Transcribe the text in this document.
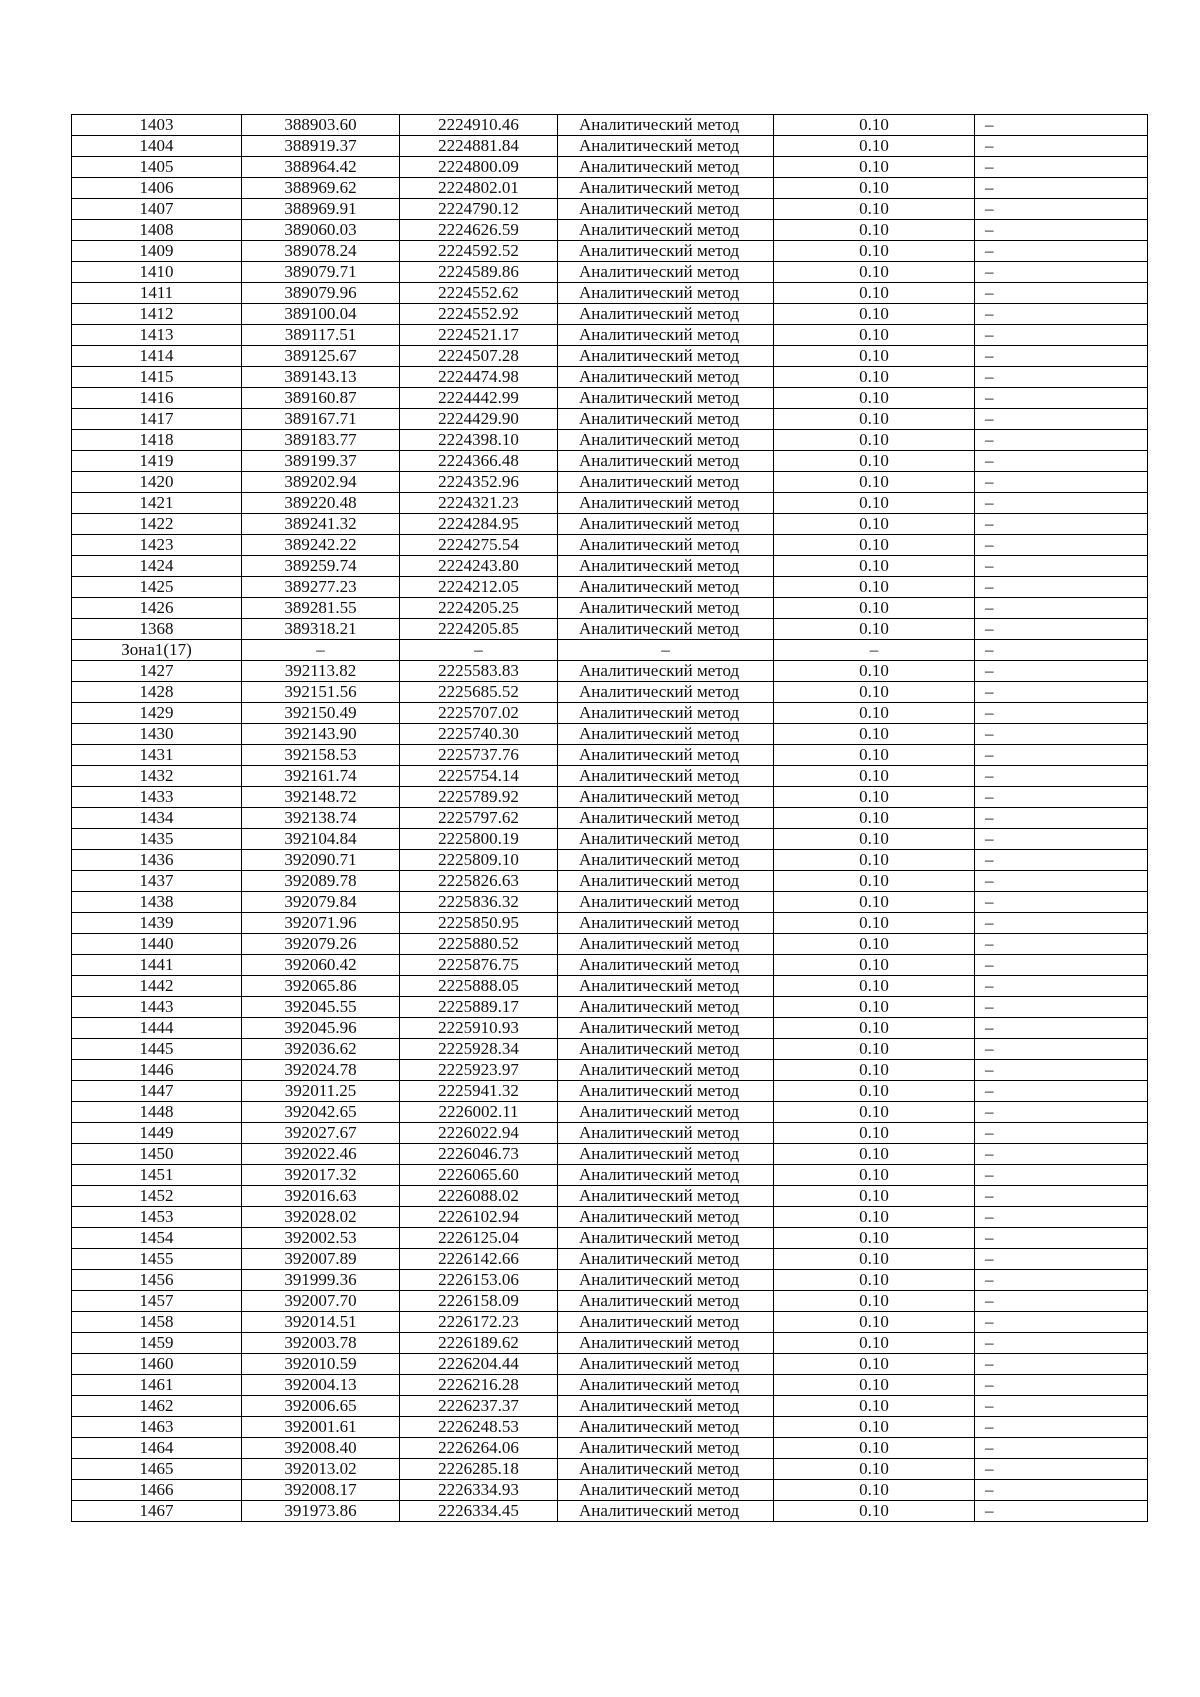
1403	388903.60	2224910.46	Аналитический метод	0.10	–
1404	388919.37	2224881.84	Аналитический метод	0.10	–
1405	388964.42	2224800.09	Аналитический метод	0.10	–
1406	388969.62	2224802.01	Аналитический метод	0.10	–
1407	388969.91	2224790.12	Аналитический метод	0.10	–
1408	389060.03	2224626.59	Аналитический метод	0.10	–
1409	389078.24	2224592.52	Аналитический метод	0.10	–
1410	389079.71	2224589.86	Аналитический метод	0.10	–
1411	389079.96	2224552.62	Аналитический метод	0.10	–
1412	389100.04	2224552.92	Аналитический метод	0.10	–
1413	389117.51	2224521.17	Аналитический метод	0.10	–
1414	389125.67	2224507.28	Аналитический метод	0.10	–
1415	389143.13	2224474.98	Аналитический метод	0.10	–
1416	389160.87	2224442.99	Аналитический метод	0.10	–
1417	389167.71	2224429.90	Аналитический метод	0.10	–
1418	389183.77	2224398.10	Аналитический метод	0.10	–
1419	389199.37	2224366.48	Аналитический метод	0.10	–
1420	389202.94	2224352.96	Аналитический метод	0.10	–
1421	389220.48	2224321.23	Аналитический метод	0.10	–
1422	389241.32	2224284.95	Аналитический метод	0.10	–
1423	389242.22	2224275.54	Аналитический метод	0.10	–
1424	389259.74	2224243.80	Аналитический метод	0.10	–
1425	389277.23	2224212.05	Аналитический метод	0.10	–
1426	389281.55	2224205.25	Аналитический метод	0.10	–
1368	389318.21	2224205.85	Аналитический метод	0.10	–
Зона1(17)	–	–	–	–	–
1427	392113.82	2225583.83	Аналитический метод	0.10	–
1428	392151.56	2225685.52	Аналитический метод	0.10	–
1429	392150.49	2225707.02	Аналитический метод	0.10	–
1430	392143.90	2225740.30	Аналитический метод	0.10	–
1431	392158.53	2225737.76	Аналитический метод	0.10	–
1432	392161.74	2225754.14	Аналитический метод	0.10	–
1433	392148.72	2225789.92	Аналитический метод	0.10	–
1434	392138.74	2225797.62	Аналитический метод	0.10	–
1435	392104.84	2225800.19	Аналитический метод	0.10	–
1436	392090.71	2225809.10	Аналитический метод	0.10	–
1437	392089.78	2225826.63	Аналитический метод	0.10	–
1438	392079.84	2225836.32	Аналитический метод	0.10	–
1439	392071.96	2225850.95	Аналитический метод	0.10	–
1440	392079.26	2225880.52	Аналитический метод	0.10	–
1441	392060.42	2225876.75	Аналитический метод	0.10	–
1442	392065.86	2225888.05	Аналитический метод	0.10	–
1443	392045.55	2225889.17	Аналитический метод	0.10	–
1444	392045.96	2225910.93	Аналитический метод	0.10	–
1445	392036.62	2225928.34	Аналитический метод	0.10	–
1446	392024.78	2225923.97	Аналитический метод	0.10	–
1447	392011.25	2225941.32	Аналитический метод	0.10	–
1448	392042.65	2226002.11	Аналитический метод	0.10	–
1449	392027.67	2226022.94	Аналитический метод	0.10	–
1450	392022.46	2226046.73	Аналитический метод	0.10	–
1451	392017.32	2226065.60	Аналитический метод	0.10	–
1452	392016.63	2226088.02	Аналитический метод	0.10	–
1453	392028.02	2226102.94	Аналитический метод	0.10	–
1454	392002.53	2226125.04	Аналитический метод	0.10	–
1455	392007.89	2226142.66	Аналитический метод	0.10	–
1456	391999.36	2226153.06	Аналитический метод	0.10	–
1457	392007.70	2226158.09	Аналитический метод	0.10	–
1458	392014.51	2226172.23	Аналитический метод	0.10	–
1459	392003.78	2226189.62	Аналитический метод	0.10	–
1460	392010.59	2226204.44	Аналитический метод	0.10	–
1461	392004.13	2226216.28	Аналитический метод	0.10	–
1462	392006.65	2226237.37	Аналитический метод	0.10	–
1463	392001.61	2226248.53	Аналитический метод	0.10	–
1464	392008.40	2226264.06	Аналитический метод	0.10	–
1465	392013.02	2226285.18	Аналитический метод	0.10	–
1466	392008.17	2226334.93	Аналитический метод	0.10	–
1467	391973.86	2226334.45	Аналитический метод	0.10	–
